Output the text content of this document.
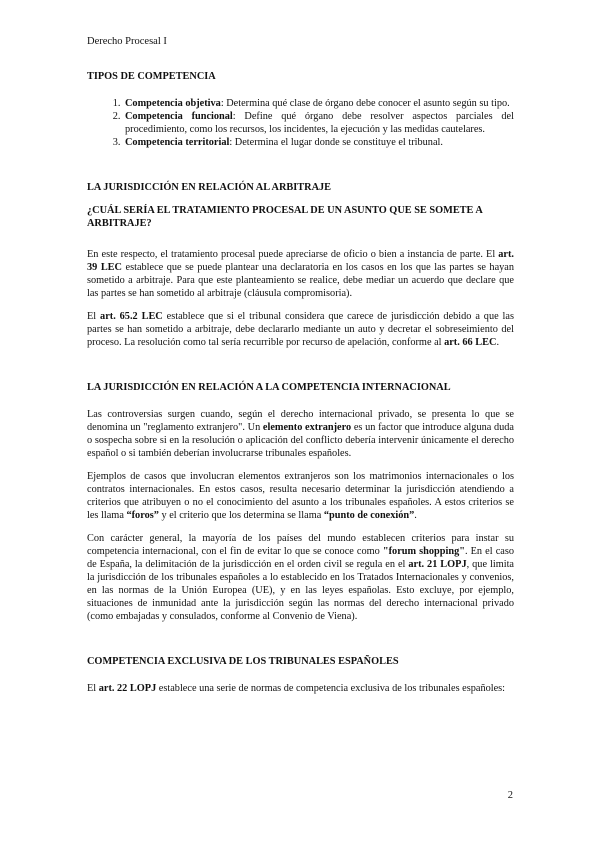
Derecho Procesal I
TIPOS DE COMPETENCIA
1. Competencia objetiva: Determina qué clase de órgano debe conocer el asunto según su tipo.
2. Competencia funcional: Define qué órgano debe resolver aspectos parciales del procedimiento, como los recursos, los incidentes, la ejecución y las medidas cautelares.
3. Competencia territorial: Determina el lugar donde se constituye el tribunal.
LA JURISDICCIÓN EN RELACIÓN AL ARBITRAJE
¿CUÁL SERÍA EL TRATAMIENTO PROCESAL DE UN ASUNTO QUE SE SOMETE A ARBITRAJE?

En este respecto, el tratamiento procesal puede apreciarse de oficio o bien a instancia de parte. El art. 39 LEC establece que se puede plantear una declaratoria en los casos en los que las partes se hayan sometido a arbitraje. Para que este planteamiento se realice, debe mediar un acuerdo que declare que las partes se han sometido al arbitraje (cláusula compromisoria).

El art. 65.2 LEC establece que si el tribunal considera que carece de jurisdicción debido a que las partes se han sometido a arbitraje, debe declararlo mediante un auto y decretar el sobreseimiento del proceso. La resolución como tal sería recurrible por recurso de apelación, conforme al art. 66 LEC.

LA JURISDICCIÓN EN RELACIÓN A LA COMPETENCIA INTERNACIONAL

Las controversias surgen cuando, según el derecho internacional privado, se presenta lo que se denomina un "reglamento extranjero". Un elemento extranjero es un factor que introduce alguna duda o sospecha sobre si en la resolución o aplicación del conflicto debería intervenir únicamente el derecho español o si también deberían involucrarse tribunales españoles.

Ejemplos de casos que involucran elementos extranjeros son los matrimonios internacionales o los contratos internacionales. En estos casos, resulta necesario determinar la jurisdicción atendiendo a criterios que atribuyen o no el conocimiento del asunto a los tribunales españoles. A estos criterios se les llama “foros” y el criterio que los determina se llama “punto de conexión”.

Con carácter general, la mayoría de los países del mundo establecen criterios para instar su competencia internacional, con el fin de evitar lo que se conoce como "forum shopping". En el caso de España, la delimitación de la jurisdicción en el orden civil se regula en el art. 21 LOPJ, que limita la jurisdicción de los tribunales españoles a lo establecido en los Tratados Internacionales y convenios, en las normas de la Unión Europea (UE), y en las leyes españolas. Esto excluye, por ejemplo, situaciones de inmunidad ante la jurisdicción según las normas del derecho internacional privado (como embajadas y consulados, conforme al Convenio de Viena).

COMPETENCIA EXCLUSIVA DE LOS TRIBUNALES ESPAÑOLES

El art. 22 LOPJ establece una serie de normas de competencia exclusiva de los tribunales españoles:

2
